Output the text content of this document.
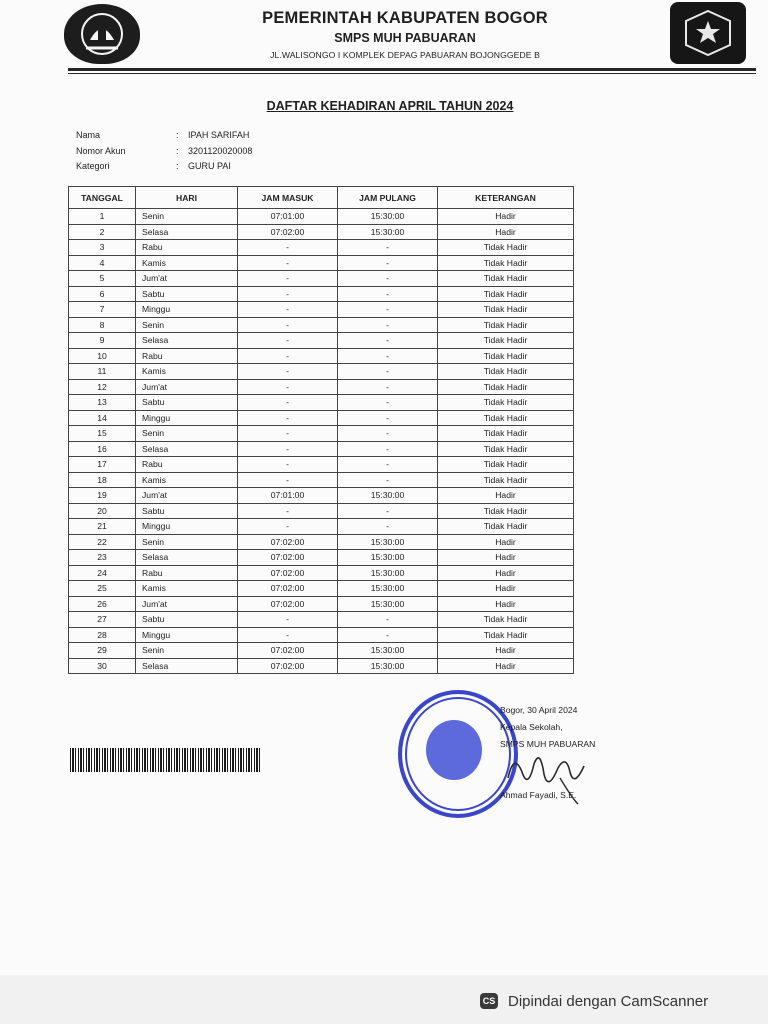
PEMERINTAH KABUPATEN BOGOR
SMPS MUH PABUARAN
JL.WALISONGO I KOMPLEK DEPAG PABUARAN BOJONGGEDE B
DAFTAR KEHADIRAN APRIL TAHUN 2024
Nama	:	IPAH SARIFAH
Nomor Akun	:	3201120020008
Kategori	:	GURU PAI
TANGGAL	HARI	JAM MASUK	JAM PULANG	KETERANGAN
1	Senin	07:01:00	15:30:00	Hadir
2	Selasa	07:02:00	15:30:00	Hadir
3	Rabu	-	-	Tidak Hadir
4	Kamis	-	-	Tidak Hadir
5	Jum'at	-	-	Tidak Hadir
6	Sabtu	-	-	Tidak Hadir
7	Minggu	-	-	Tidak Hadir
8	Senin	-	-	Tidak Hadir
9	Selasa	-	-	Tidak Hadir
10	Rabu	-	-	Tidak Hadir
11	Kamis	-	-	Tidak Hadir
12	Jum'at	-	-	Tidak Hadir
13	Sabtu	-	-	Tidak Hadir
14	Minggu	-	-	Tidak Hadir
15	Senin	-	-	Tidak Hadir
16	Selasa	-	-	Tidak Hadir
17	Rabu	-	-	Tidak Hadir
18	Kamis	-	-	Tidak Hadir
19	Jum'at	07:01:00	15:30:00	Hadir
20	Sabtu	-	-	Tidak Hadir
21	Minggu	-	-	Tidak Hadir
22	Senin	07:02:00	15:30:00	Hadir
23	Selasa	07:02:00	15:30:00	Hadir
24	Rabu	07:02:00	15:30:00	Hadir
25	Kamis	07:02:00	15:30:00	Hadir
26	Jum'at	07:02:00	15:30:00	Hadir
27	Sabtu	-	-	Tidak Hadir
28	Minggu	-	-	Tidak Hadir
29	Senin	07:02:00	15:30:00	Hadir
30	Selasa	07:02:00	15:30:00	Hadir
Bogor, 30 April 2024
Kepala Sekolah,
SMPS MUH PABUARAN
Ahmad Fayadi, S.E.
CS Dipindai dengan CamScanner
